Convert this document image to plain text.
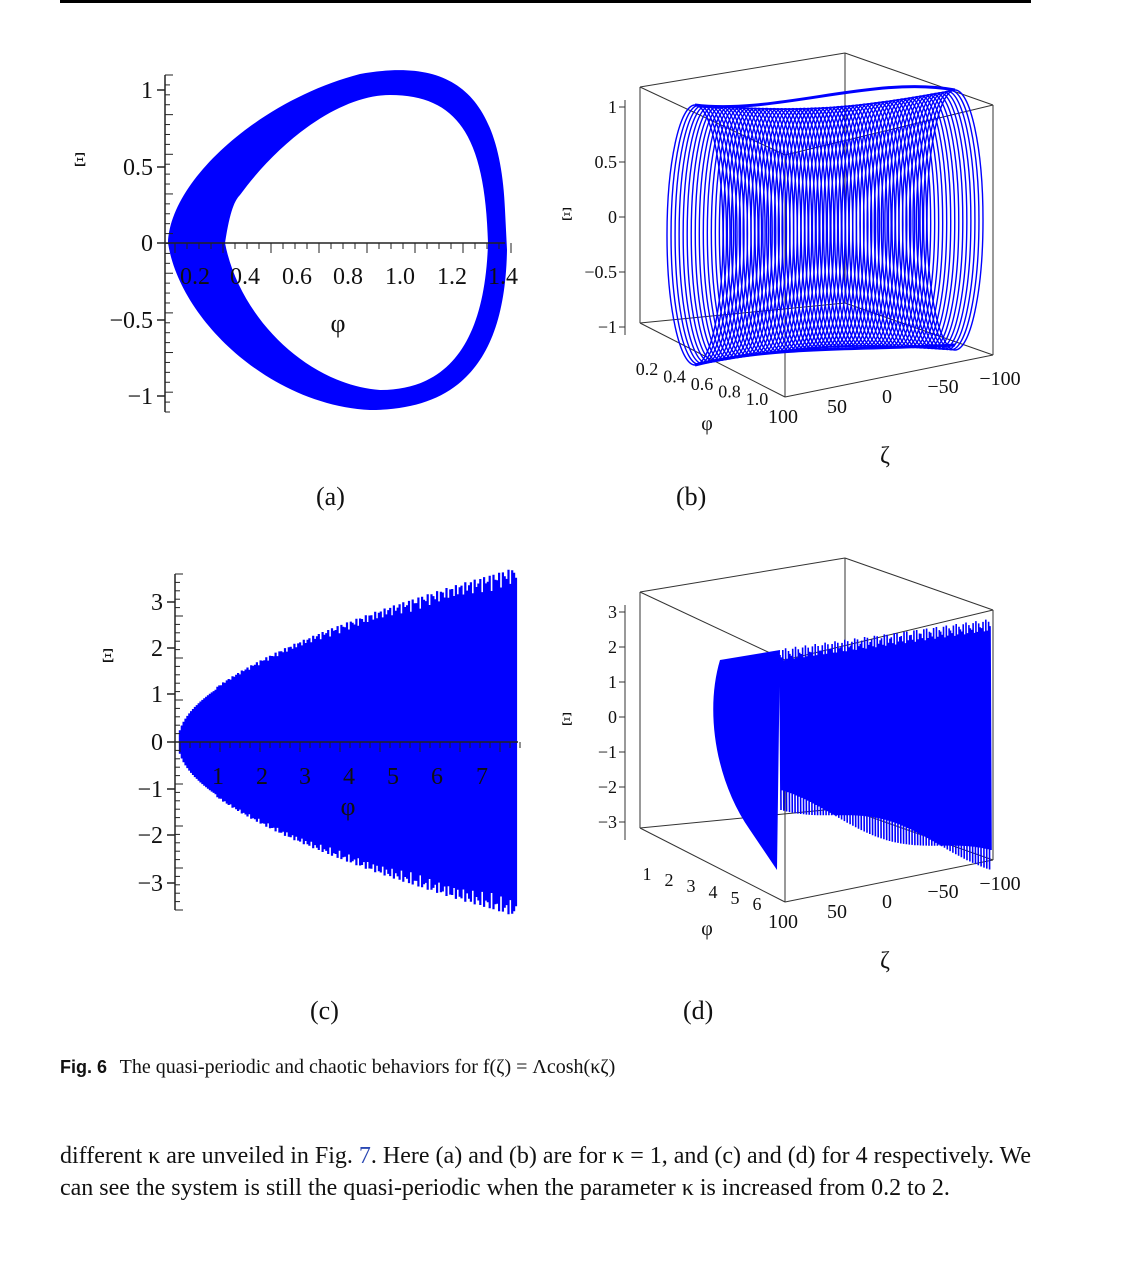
1
0.5
0
−0.5
−1
0.2 0.4 0.6 0.8 1.0 1.2 1.4
φ
Ξ
(a)
1
0.5
0
−0.5
−1
Ξ
0.2 0.4 0.6 0.8 1.0
φ	100 50 0 −50 −100
ζ
(b)
3
2
1
0
−1
−2
−3
1 2 3 4 5 6 7
φ
Ξ
(c)
3
2
1
0
−1
−2
−3
Ξ
1 2 3 4 5 6
φ	100 50 0 −50 −100
ζ
(d)
Fig. 6 The quasi-periodic and chaotic behaviors for f(ζ) = Λcosh(κζ)
different κ are unveiled in Fig. 7. Here (a) and (b) are for κ = 1, and (c) and (d) for 4 respectively. We can see the system is still the quasi-periodic when the parameter κ is increased from 0.2 to 2.
